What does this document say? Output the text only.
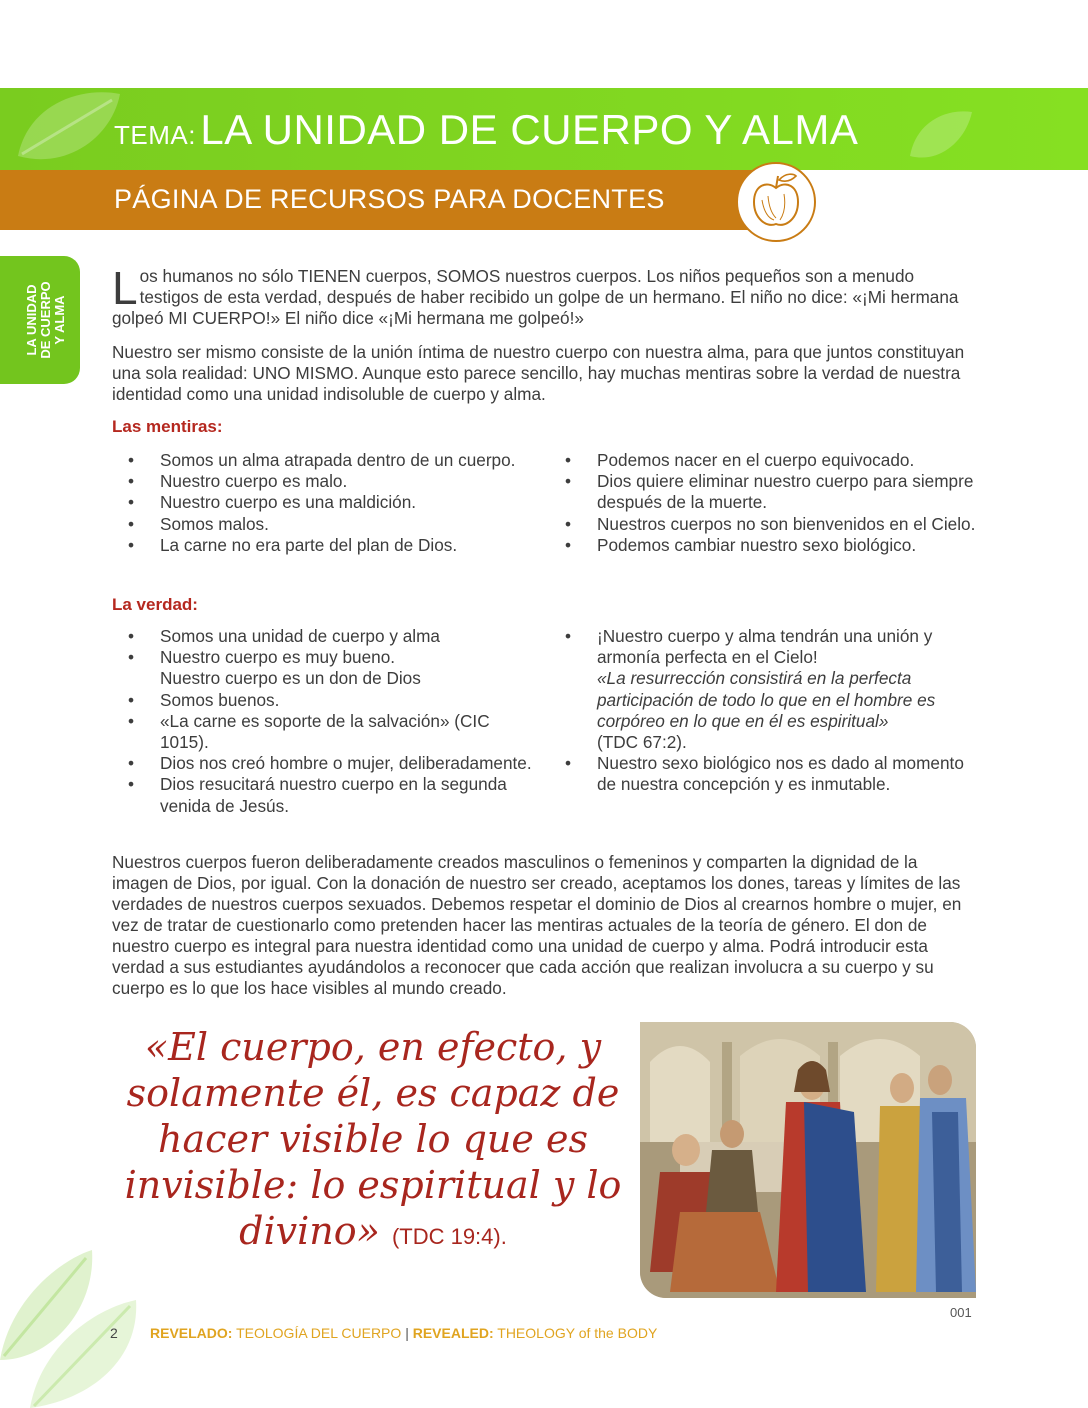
TEMA: LA UNIDAD DE CUERPO Y ALMA
PÁGINA DE RECURSOS PARA DOCENTES
LA UNIDAD DE CUERPO Y ALMA
Los humanos no sólo TIENEN cuerpos, SOMOS nuestros cuerpos. Los niños pequeños son a menudo testigos de esta verdad, después de haber recibido un golpe de un hermano. El niño no dice: «¡Mi hermana golpeó MI CUERPO!» El niño dice «¡Mi hermana me golpeó!»
Nuestro ser mismo consiste de la unión íntima de nuestro cuerpo con nuestra alma, para que juntos constituyan una sola realidad: UNO MISMO. Aunque esto parece sencillo, hay muchas mentiras sobre la verdad de nuestra identidad como una unidad indisoluble de cuerpo y alma.
Las mentiras:
• Somos un alma atrapada dentro de un cuerpo.
• Nuestro cuerpo es malo.
• Nuestro cuerpo es una maldición.
• Somos malos.
• La carne no era parte del plan de Dios.
• Podemos nacer en el cuerpo equivocado.
• Dios quiere eliminar nuestro cuerpo para siempre después de la muerte.
• Nuestros cuerpos no son bienvenidos en el Cielo.
• Podemos cambiar nuestro sexo biológico.
La verdad:
• Somos una unidad de cuerpo y alma
• Nuestro cuerpo es muy bueno.
Nuestro cuerpo es un don de Dios
• Somos buenos.
• «La carne es soporte de la salvación» (CIC 1015).
• Dios nos creó hombre o mujer, deliberadamente.
• Dios resucitará nuestro cuerpo en la segunda venida de Jesús.
• ¡Nuestro cuerpo y alma tendrán una unión y armonía perfecta en el Cielo!
«La resurrección consistirá en la perfecta participación de todo lo que en el hombre es corpóreo en lo que en él es espiritual»
(TDC 67:2).
• Nuestro sexo biológico nos es dado al momento de nuestra concepción y es inmutable.
Nuestros cuerpos fueron deliberadamente creados masculinos o femeninos y comparten la dignidad de la imagen de Dios, por igual. Con la donación de nuestro ser creado, aceptamos los dones, tareas y límites de las verdades de nuestros cuerpos sexuados. Debemos respetar el dominio de Dios al crearnos hombre o mujer, en vez de tratar de cuestionarlo como pretenden hacer las mentiras actuales de la teoría de género. El don de nuestro cuerpo es integral para nuestra identidad como una unidad de cuerpo y alma. Podrá introducir esta verdad a sus estudiantes ayudándolos a reconocer que cada acción que realizan involucra a su cuerpo y su cuerpo es lo que los hace visibles al mundo creado.
«El cuerpo, en efecto, y solamente él, es capaz de hacer visible lo que es invisible: lo espiritual y lo divino» (TDC 19:4).
001
2 REVELADO: TEOLOGÍA DEL CUERPO | REVEALED: THEOLOGY of the BODY
